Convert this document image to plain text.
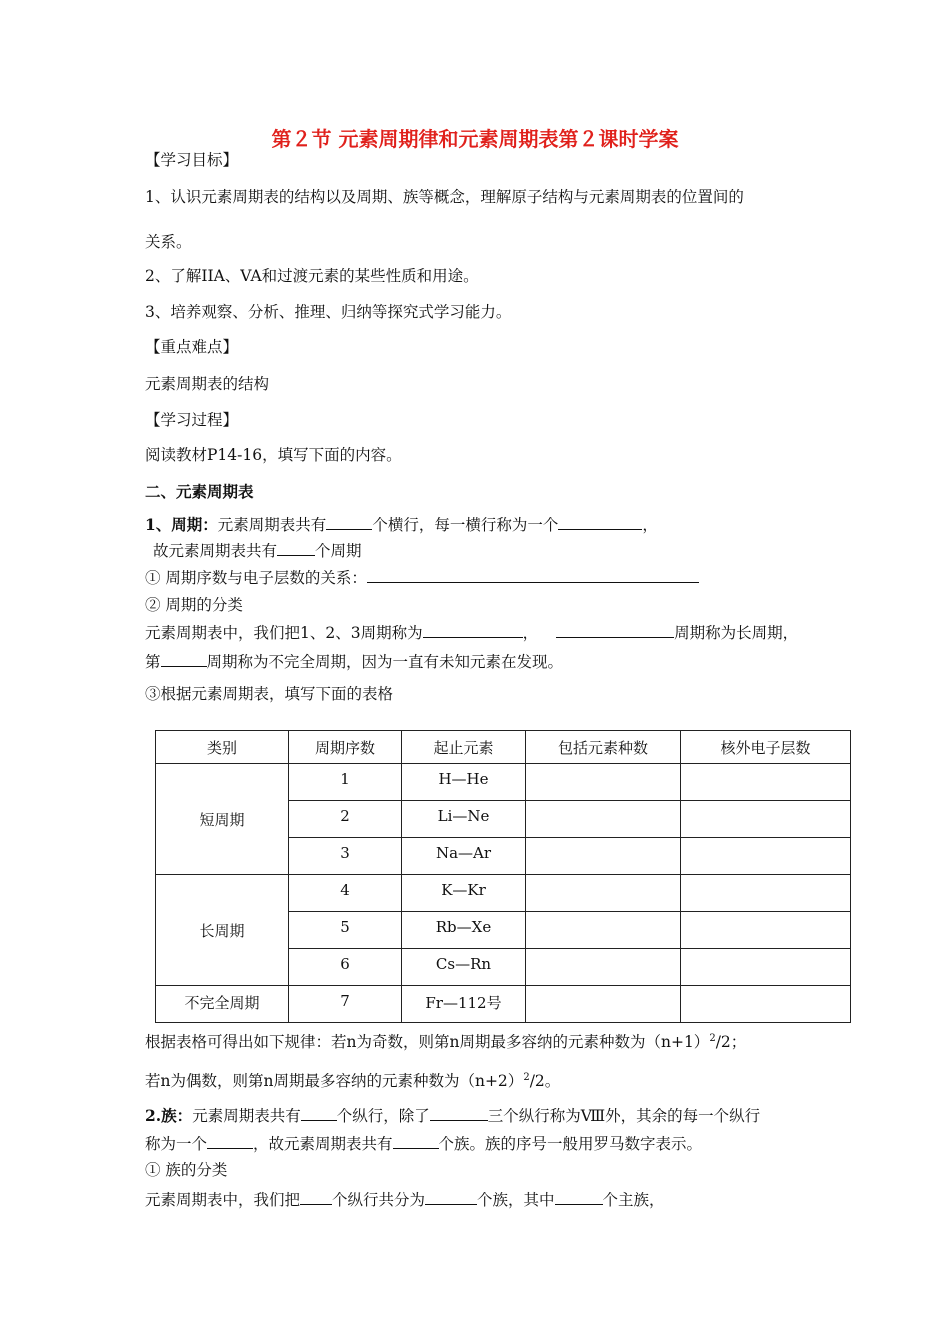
第２节 元素周期律和元素周期表第２课时学案
【学习目标】
1、认识元素周期表的结构以及周期、族等概念，理解原子结构与元素周期表的位置间的
关系。
2、了解IIA、VA和过渡元素的某些性质和用途。
3、培养观察、分析、推理、归纳等探究式学习能力。
【重点难点】
元素周期表的结构
【学习过程】
阅读教材P14-16，填写下面的内容。
二、元素周期表
1、周期：元素周期表共有	个横行，每一横行称为一个	，
故元素周期表共有 个周期
① 周期序数与电子层数的关系：
② 周期的分类
元素周期表中，我们把1、2、3周期称为	，	周期称为长周期，
第	周期称为不完全周期，因为一直有未知元素在发现。
③根据元素周期表，填写下面的表格
类别	周期序数	起止元素	包括元素种数	核外电子层数
短周期	1	H—He		
	2	Li—Ne		
	3	Na—Ar		
长周期	4	K—Kr		
	5	Rb—Xe		
	6	Cs—Rn		
不完全周期	7	Fr—112号		
根据表格可得出如下规律：若n为奇数，则第n周期最多容纳的元素种数为$(n+1)^2/2$；
若n为偶数，则第n周期最多容纳的元素种数为$(n+2)^2/2$。
2.族：元素周期表共有 个纵行，除了	三个纵行称为Ⅷ外，其余的每一个纵行
称为一个	，故元素周期表共有	个族。族的序号一般用罗马数字表示。
① 族的分类
元素周期表中，我们把 个纵行共分为	个族，其中	个主族，
